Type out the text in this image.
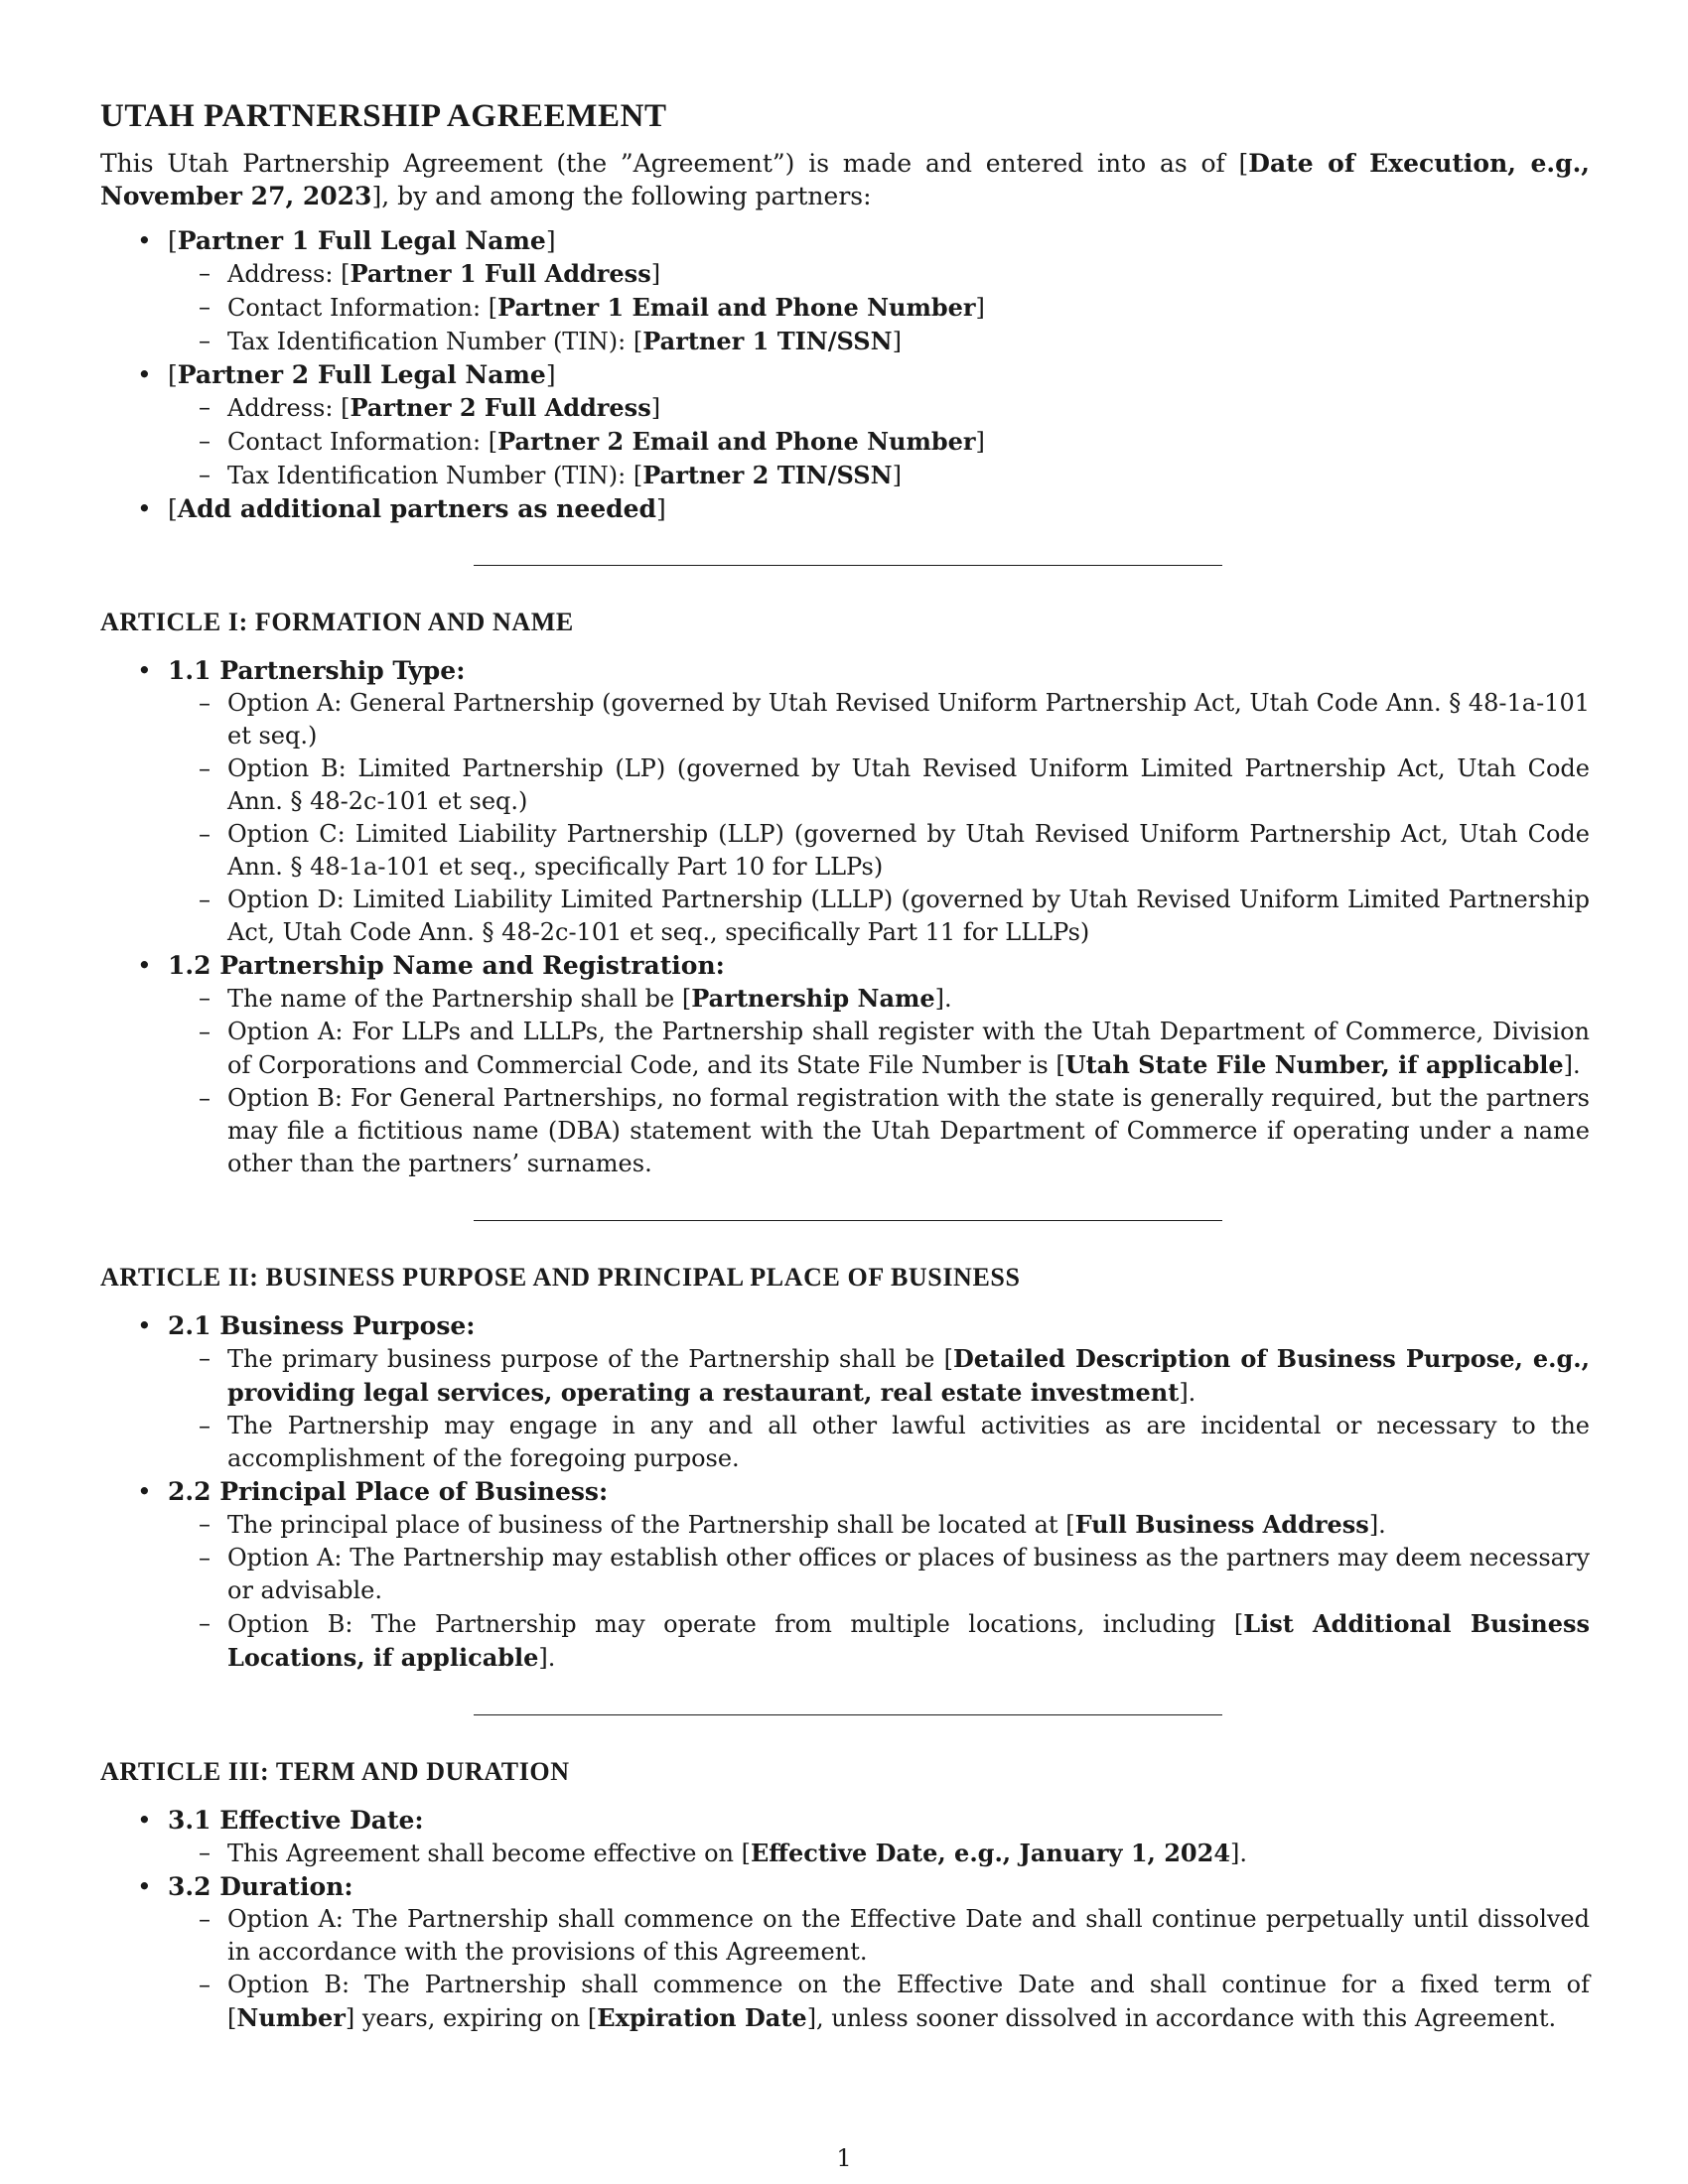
UTAH PARTNERSHIP AGREEMENT

This Utah Partnership Agreement (the ”Agreement”) is made and entered into as of [Date of Execution, e.g., November 27, 2023], by and among the following partners:

• [Partner 1 Full Legal Name]
– Address: [Partner 1 Full Address]
– Contact Information: [Partner 1 Email and Phone Number]
– Tax Identification Number (TIN): [Partner 1 TIN/SSN]
• [Partner 2 Full Legal Name]
– Address: [Partner 2 Full Address]
– Contact Information: [Partner 2 Email and Phone Number]
– Tax Identification Number (TIN): [Partner 2 TIN/SSN]
• [Add additional partners as needed]
ARTICLE I: FORMATION AND NAME
• 1.1 Partnership Type:
– Option A: General Partnership (governed by Utah Revised Uniform Partnership Act, Utah Code Ann. § 48-1a-101 et seq.)
– Option B: Limited Partnership (LP) (governed by Utah Revised Uniform Limited Partnership Act, Utah Code Ann. § 48-2c-101 et seq.)
– Option C: Limited Liability Partnership (LLP) (governed by Utah Revised Uniform Partnership Act, Utah Code Ann. § 48-1a-101 et seq., specifically Part 10 for LLPs)
– Option D: Limited Liability Limited Partnership (LLLP) (governed by Utah Revised Uniform Limited Partnership Act, Utah Code Ann. § 48-2c-101 et seq., specifically Part 11 for LLLPs)
• 1.2 Partnership Name and Registration:
– The name of the Partnership shall be [Partnership Name].
– Option A: For LLPs and LLLPs, the Partnership shall register with the Utah Department of Commerce, Division of Corporations and Commercial Code, and its State File Number is [Utah State File Number, if applicable].
– Option B: For General Partnerships, no formal registration with the state is generally required, but the partners may file a fictitious name (DBA) statement with the Utah Department of Commerce if operating under a name other than the partners’ surnames.
ARTICLE II: BUSINESS PURPOSE AND PRINCIPAL PLACE OF BUSINESS
• 2.1 Business Purpose:
– The primary business purpose of the Partnership shall be [Detailed Description of Business Purpose, e.g., providing legal services, operating a restaurant, real estate investment].
– The Partnership may engage in any and all other lawful activities as are incidental or necessary to the accomplishment of the foregoing purpose.
• 2.2 Principal Place of Business:
– The principal place of business of the Partnership shall be located at [Full Business Address].
– Option A: The Partnership may establish other offices or places of business as the partners may deem necessary or advisable.
– Option B: The Partnership may operate from multiple locations, including [List Additional Business Locations, if applicable].
ARTICLE III: TERM AND DURATION
• 3.1 Effective Date:
– This Agreement shall become effective on [Effective Date, e.g., January 1, 2024].
• 3.2 Duration:
– Option A: The Partnership shall commence on the Effective Date and shall continue perpetually until dissolved in accordance with the provisions of this Agreement.
– Option B: The Partnership shall commence on the Effective Date and shall continue for a fixed term of [Number] years, expiring on [Expiration Date], unless sooner dissolved in accordance with this Agreement.
1
